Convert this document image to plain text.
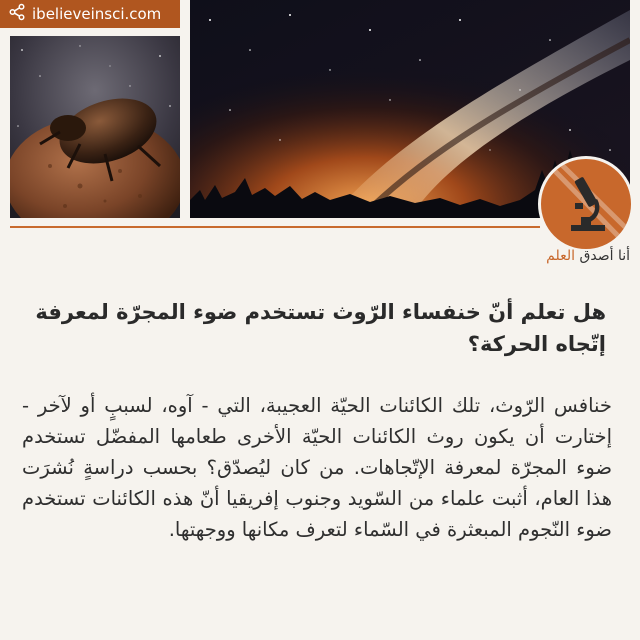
ibelieveinsci.com
أنا أصدق العلم
هل تعلم أنّ خنفساء الرّوث تستخدم ضوء المجرّة لمعرفة إتّجاه الحركة؟

خنافس الرّوث، تلك الكائنات الحيّة العجيبة، التي - آوه، لسببٍ أو لآخر - إختارت أن يكون روث الكائنات الحيّة الأخرى طعامها المفضّل تستخدم ضوء المجرّة لمعرفة الإتّجاهات. من كان ليُصدّق؟ بحسب دراسةٍ نُشرَت هذا العام، أثبت علماء من السّويد وجنوب إفريقيا أنّ هذه الكائنات تستخدم ضوء النّجوم المبعثرة في السّماء لتعرف مكانها ووجهتها.
